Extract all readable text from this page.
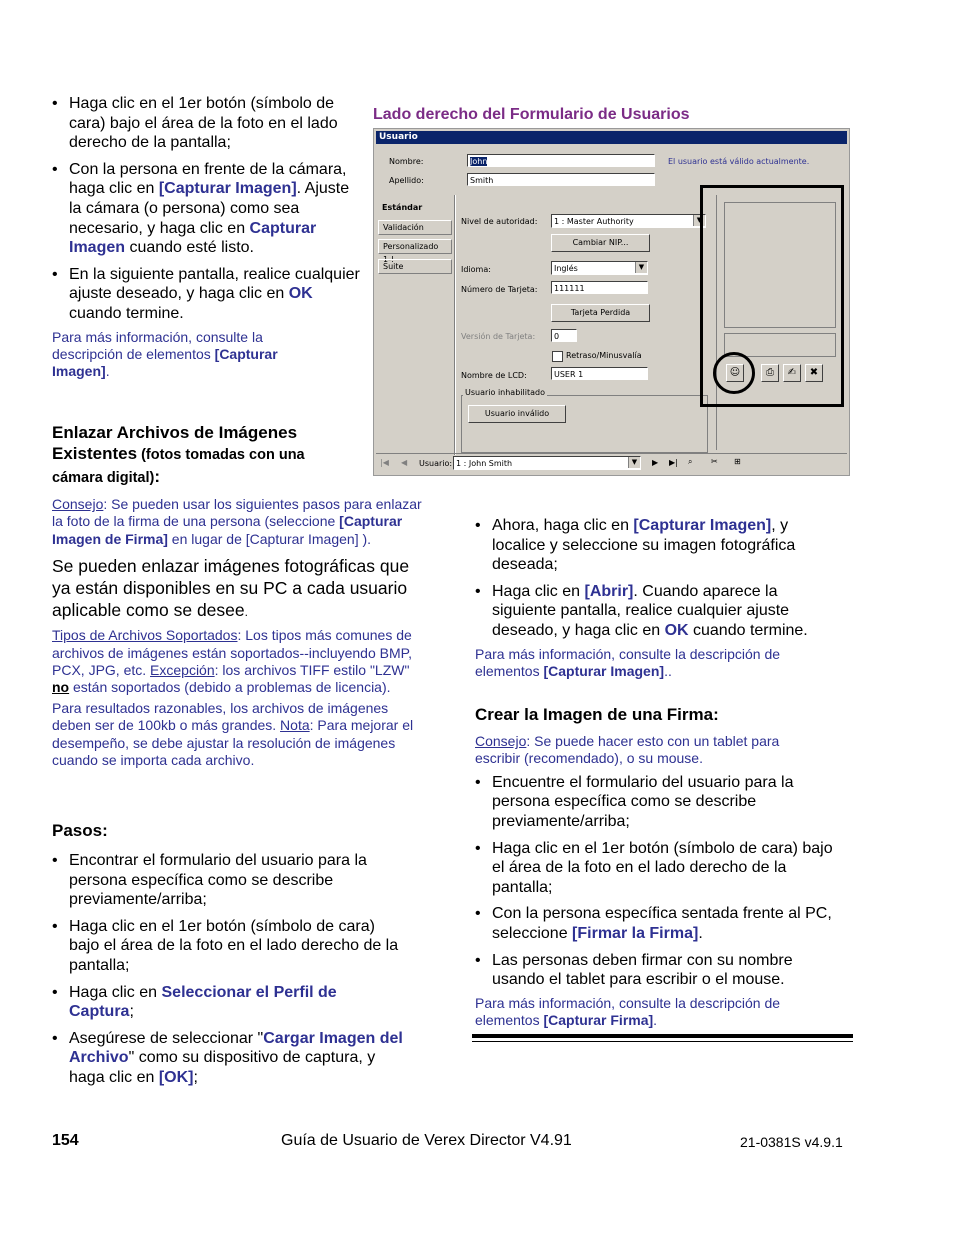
• Haga clic en el 1er botón (símbolo de cara) bajo el área de la foto en el lado derecho de la pantalla;
• Con la persona en frente de la cámara, haga clic en [Capturar Imagen]. Ajuste la cámara (o persona) como sea necesario, y haga clic en Capturar Imagen cuando esté listo.
• En la siguiente pantalla, realice cualquier ajuste deseado, y haga clic en OK cuando termine.

Para más información, consulte la descripción de elementos [Capturar Imagen].

Enlazar Archivos de Imágenes Existentes (fotos tomadas con una cámara digital):

Consejo: Se pueden usar los siguientes pasos para enlazar la foto de la firma de una persona (seleccione [Capturar Imagen de Firma] en lugar de [Capturar Imagen] ).

Se pueden enlazar imágenes fotográficas que ya están disponibles en su PC a cada usuario aplicable como se desee.

Tipos de Archivos Soportados: Los tipos más comunes de archivos de imágenes están soportados--incluyendo BMP, PCX, JPG, etc. Excepción: los archivos TIFF estilo "LZW" no están soportados (debido a problemas de licencia).

Para resultados razonables, los archivos de imágenes deben ser de 100kb o más grandes. Nota: Para mejorar el desempeño, se debe ajustar la resolución de imágenes cuando se importa cada archivo.

Pasos:
• Encontrar el formulario del usuario para la persona específica como se describe previamente/arriba;
• Haga clic en el 1er botón (símbolo de cara) bajo el área de la foto en el lado derecho de la pantalla;
• Haga clic en Seleccionar el Perfil de Captura;
• Asegúrese de seleccionar "Cargar Imagen del Archivo" como su dispositivo de captura, y haga clic en [OK];
Lado derecho del Formulario de Usuarios
Usuario
Nombre:	John
Apellido:	Smith
El usuario está válido actualmente.
Estándar
Validación
Personalizado 1-!
Suite
Nivel de autoridad:	1 : Master Authority	▼
Cambiar NIP...
Idioma:	Inglés	▼
Número de Tarjeta:	111111
Tarjeta Perdida
Versión de Tarjeta:	0
Retraso/Minusvalía
Nombre de LCD:	USER 1
Usuario inhabilitado
Usuario inválido
☺	⎙	✍	✖
|◀ ◀ Usuario: 1 : John Smith	▼	▶ ▶| ⌕ ✂ ⊞
• Ahora, haga clic en [Capturar Imagen], y localice y seleccione su imagen fotográfica deseada;
• Haga clic en [Abrir]. Cuando aparece la siguiente pantalla, realice cualquier ajuste deseado, y haga clic en OK cuando termine.

Para más información, consulte la descripción de elementos [Capturar Imagen]..

Crear la Imagen de una Firma:

Consejo: Se puede hacer esto con un tablet para escribir (recomendado), o su mouse.

• Encuentre el formulario del usuario para la persona específica como se describe previamente/arriba;
• Haga clic en el 1er botón (símbolo de cara) bajo el área de la foto en el lado derecho de la pantalla;
• Con la persona específica sentada frente al PC, seleccione [Firmar la Firma].
• Las personas deben firmar con su nombre usando el tablet para escribir o el mouse.

Para más información, consulte la descripción de elementos [Capturar Firma].

154	Guía de Usuario de Verex Director V4.91	21-0381S v4.9.1
